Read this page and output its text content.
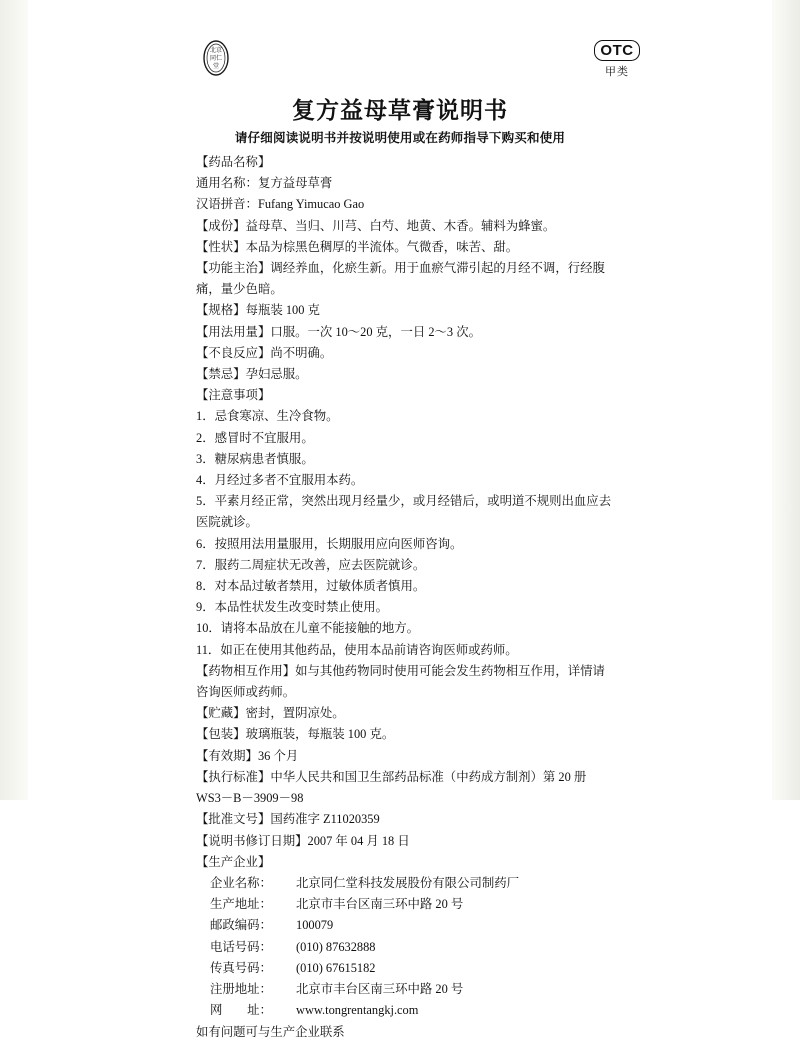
北京
同仁
堂
OTC
甲类
复方益母草膏说明书
请仔细阅读说明书并按说明使用或在药师指导下购买和使用
【药品名称】
通用名称：复方益母草膏
汉语拼音：Fufang Yimucao Gao
【成份】益母草、当归、川芎、白芍、地黄、木香。辅料为蜂蜜。
【性状】本品为棕黑色稠厚的半流体。气微香，味苦、甜。
【功能主治】调经养血，化瘀生新。用于血瘀气滞引起的月经不调，行经腹痛，量少色暗。
【规格】每瓶装 100 克
【用法用量】口服。一次 10～20 克，一日 2～3 次。
【不良反应】尚不明确。
【禁忌】孕妇忌服。
【注意事项】
1．忌食寒凉、生冷食物。
2．感冒时不宜服用。
3．糖尿病患者慎服。
4．月经过多者不宜服用本药。
5．平素月经正常，突然出现月经量少，或月经错后，或明道不规则出血应去医院就诊。
6．按照用法用量服用，长期服用应向医师咨询。
7．服药二周症状无改善，应去医院就诊。
8．对本品过敏者禁用，过敏体质者慎用。
9．本品性状发生改变时禁止使用。
10．请将本品放在儿童不能接触的地方。
11．如正在使用其他药品，使用本品前请咨询医师或药师。
【药物相互作用】如与其他药物同时使用可能会发生药物相互作用，详情请咨询医师或药师。
【贮藏】密封，置阴凉处。
【包装】玻璃瓶装，每瓶装 100 克。
【有效期】36 个月
【执行标准】中华人民共和国卫生部药品标准（中药成方制剂）第 20 册
WS3－B－3909－98
【批准文号】国药准字 Z11020359
【说明书修订日期】2007 年 04 月 18 日
【生产企业】
企业名称： 北京同仁堂科技发展股份有限公司制药厂
生产地址： 北京市丰台区南三环中路 20 号
邮政编码： 100079
电话号码： (010) 87632888
传真号码： (010) 67615182
注册地址： 北京市丰台区南三环中路 20 号
网　　址： www.tongrentangkj.com
如有问题可与生产企业联系
